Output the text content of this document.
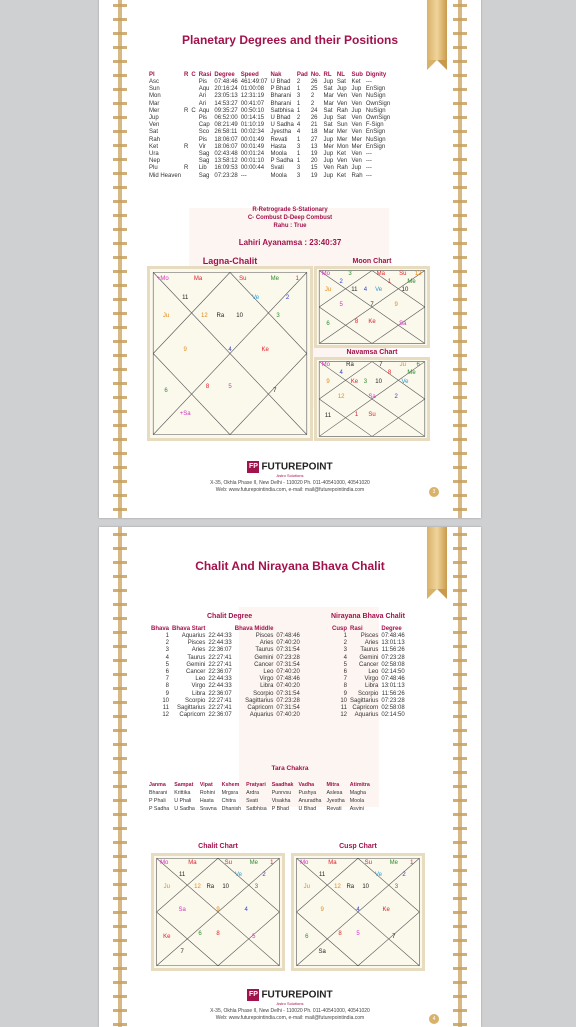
Planetary Degrees and their Positions
Pl	R	C	Rasi	Degree	Speed	Nak	Pad	No.	RL	NL	Sub	Dignity
Asc			Pis	07:48:46	461:49:07	U Bhad	2	26	Jup	Sat	Ket	---
Sun			Aqu	20:16:24	01:00:08	P Bhad	1	25	Sat	Jup	Jup	EnSign
Mon			Ari	23:05:13	12:31:19	Bharani	3	2	Mar	Ven	Ven	NuSign
Mar			Ari	14:53:27	00:41:07	Bharani	1	2	Mar	Ven	Ven	OwnSign
Mer	R	C	Aqu	09:35:27	00:50:10	Satbhisa	1	24	Sat	Rah	Jup	NuSign
Jup			Pis	06:52:00	00:14:15	U Bhad	2	26	Jup	Sat	Ven	OwnSign
Ven			Cap	08:21:49	01:10:19	U Sadha	4	21	Sat	Sun	Ven	F-Sign
Sat			Sco	26:58:11	00:02:34	Jyestha	4	18	Mar	Mer	Ven	EnSign
Rah			Pis	18:06:07	00:01:49	Revati	1	27	Jup	Mer	Mer	NuSign
Ket	R		Vir	18:06:07	00:01:49	Hasta	3	13	Mer	Mon	Mer	EnSign
Ura			Sag	02:43:48	00:01:24	Moola	1	19	Jup	Ket	Ven	---
Nep			Sag	13:58:12	00:01:10	P Sadha	1	20	Jup	Ven	Ven	---
Plu	R		Lib	16:09:53	00:00:44	Svati	3	15	Ven	Rah	Jup	---
Mid Heaven			Sag	07:23:28	---	Moola	3	19	Jup	Ket	Rah	---
R-Retrograde S-Stationary
C- Combust D-Deep Combust
Rahu : True
Lahiri Ayanamsa : 23:40:37
Lagna-Chalit
+Mo	Ma	Su	Me	1
11	Ve	2
Ju	12 Ra 10	3
9	4	Ke
6
8	5
7
+Sa
Moon Chart
Mo	3	Ma Su 12
2	1	Me
Ju	11 4 Ve	10
5	7	9
6	8 Ke	Sa
Navamsa Chart
Mo	Ra	7	Ju 6
4	8	Me
9	Ke 3 10	Ve
12	Sa	2
11	1 Su
FP FUTUREPOINT
Astro Solutions
X-35, Okhla Phase II, New Delhi - 110020 Ph. 011-40541000, 40541020
Web: www.futurepointindia.com, e-mail: mail@futurepointindia.com	3
Chalit And Nirayana Bhava Chalit
Chalit Degree	Nirayana Bhava Chalit
Bhava	Bhava Start		Bhava Middle	
1	Aquarius	22:44:33	Pisces	07:48:46
2	Pisces	22:44:33	Aries	07:40:20
3	Aries	22:36:07	Taurus	07:31:54
4	Taurus	22:27:41	Gemini	07:23:28
5	Gemini	22:27:41	Cancer	07:31:54
6	Cancer	22:36:07	Leo	07:40:20
7	Leo	22:44:33	Virgo	07:48:46
8	Virgo	22:44:33	Libra	07:40:20
9	Libra	22:36:07	Scorpio	07:31:54
10	Scorpio	22:27:41	Sagittarius	07:23:28
11	Sagittarius	22:27:41	Capricorn	07:31:54
12	Capricorn	22:36:07	Aquarius	07:40:20
Cusp	Rasi	Degree
1	Pisces	07:48:46
2	Aries	13:01:13
3	Taurus	11:56:26
4	Gemini	07:23:28
5	Cancer	02:58:08
6	Leo	02:14:50
7	Virgo	07:48:46
8	Libra	13:01:13
9	Scorpio	11:56:26
10	Sagittarius	07:23:28
11	Capricorn	02:58:08
12	Aquarius	02:14:50
Tara Chakra
Janma	Sampat	Vipat	Kshem	Pratyari	Saadhak	Vadha	Mitra	Atimitra
Bharani	Krittika	Rohini	Mrgsra	Ardra	Punrvsu	Pushya	Aslesa	Magha
P Phali	U Phali	Hasta	Chitra	Svati	Visakha	Anuradha	Jyestha	Moola
P Sadha	U Sadha	Sravna	Dhanish	Satbhisa	P Bhad	U Bhad	Revati	Asvini
Chalit Chart
Mo	Ma	Su	Me 1
11	Ve	2
Ju	12 Ra 10	3
Sa	9	4
Ke	6 8	5
7
Cusp Chart
Mo	Ma	Su	Me 1
11	Ve	2
Ju	12 Ra 10	3
9	4	Ke
6	8 5	7
Sa
FP FUTUREPOINT
Astro Solutions
X-35, Okhla Phase II, New Delhi - 110020 Ph. 011-40541000, 40541020
Web: www.futurepointindia.com, e-mail: mail@futurepointindia.com	4
